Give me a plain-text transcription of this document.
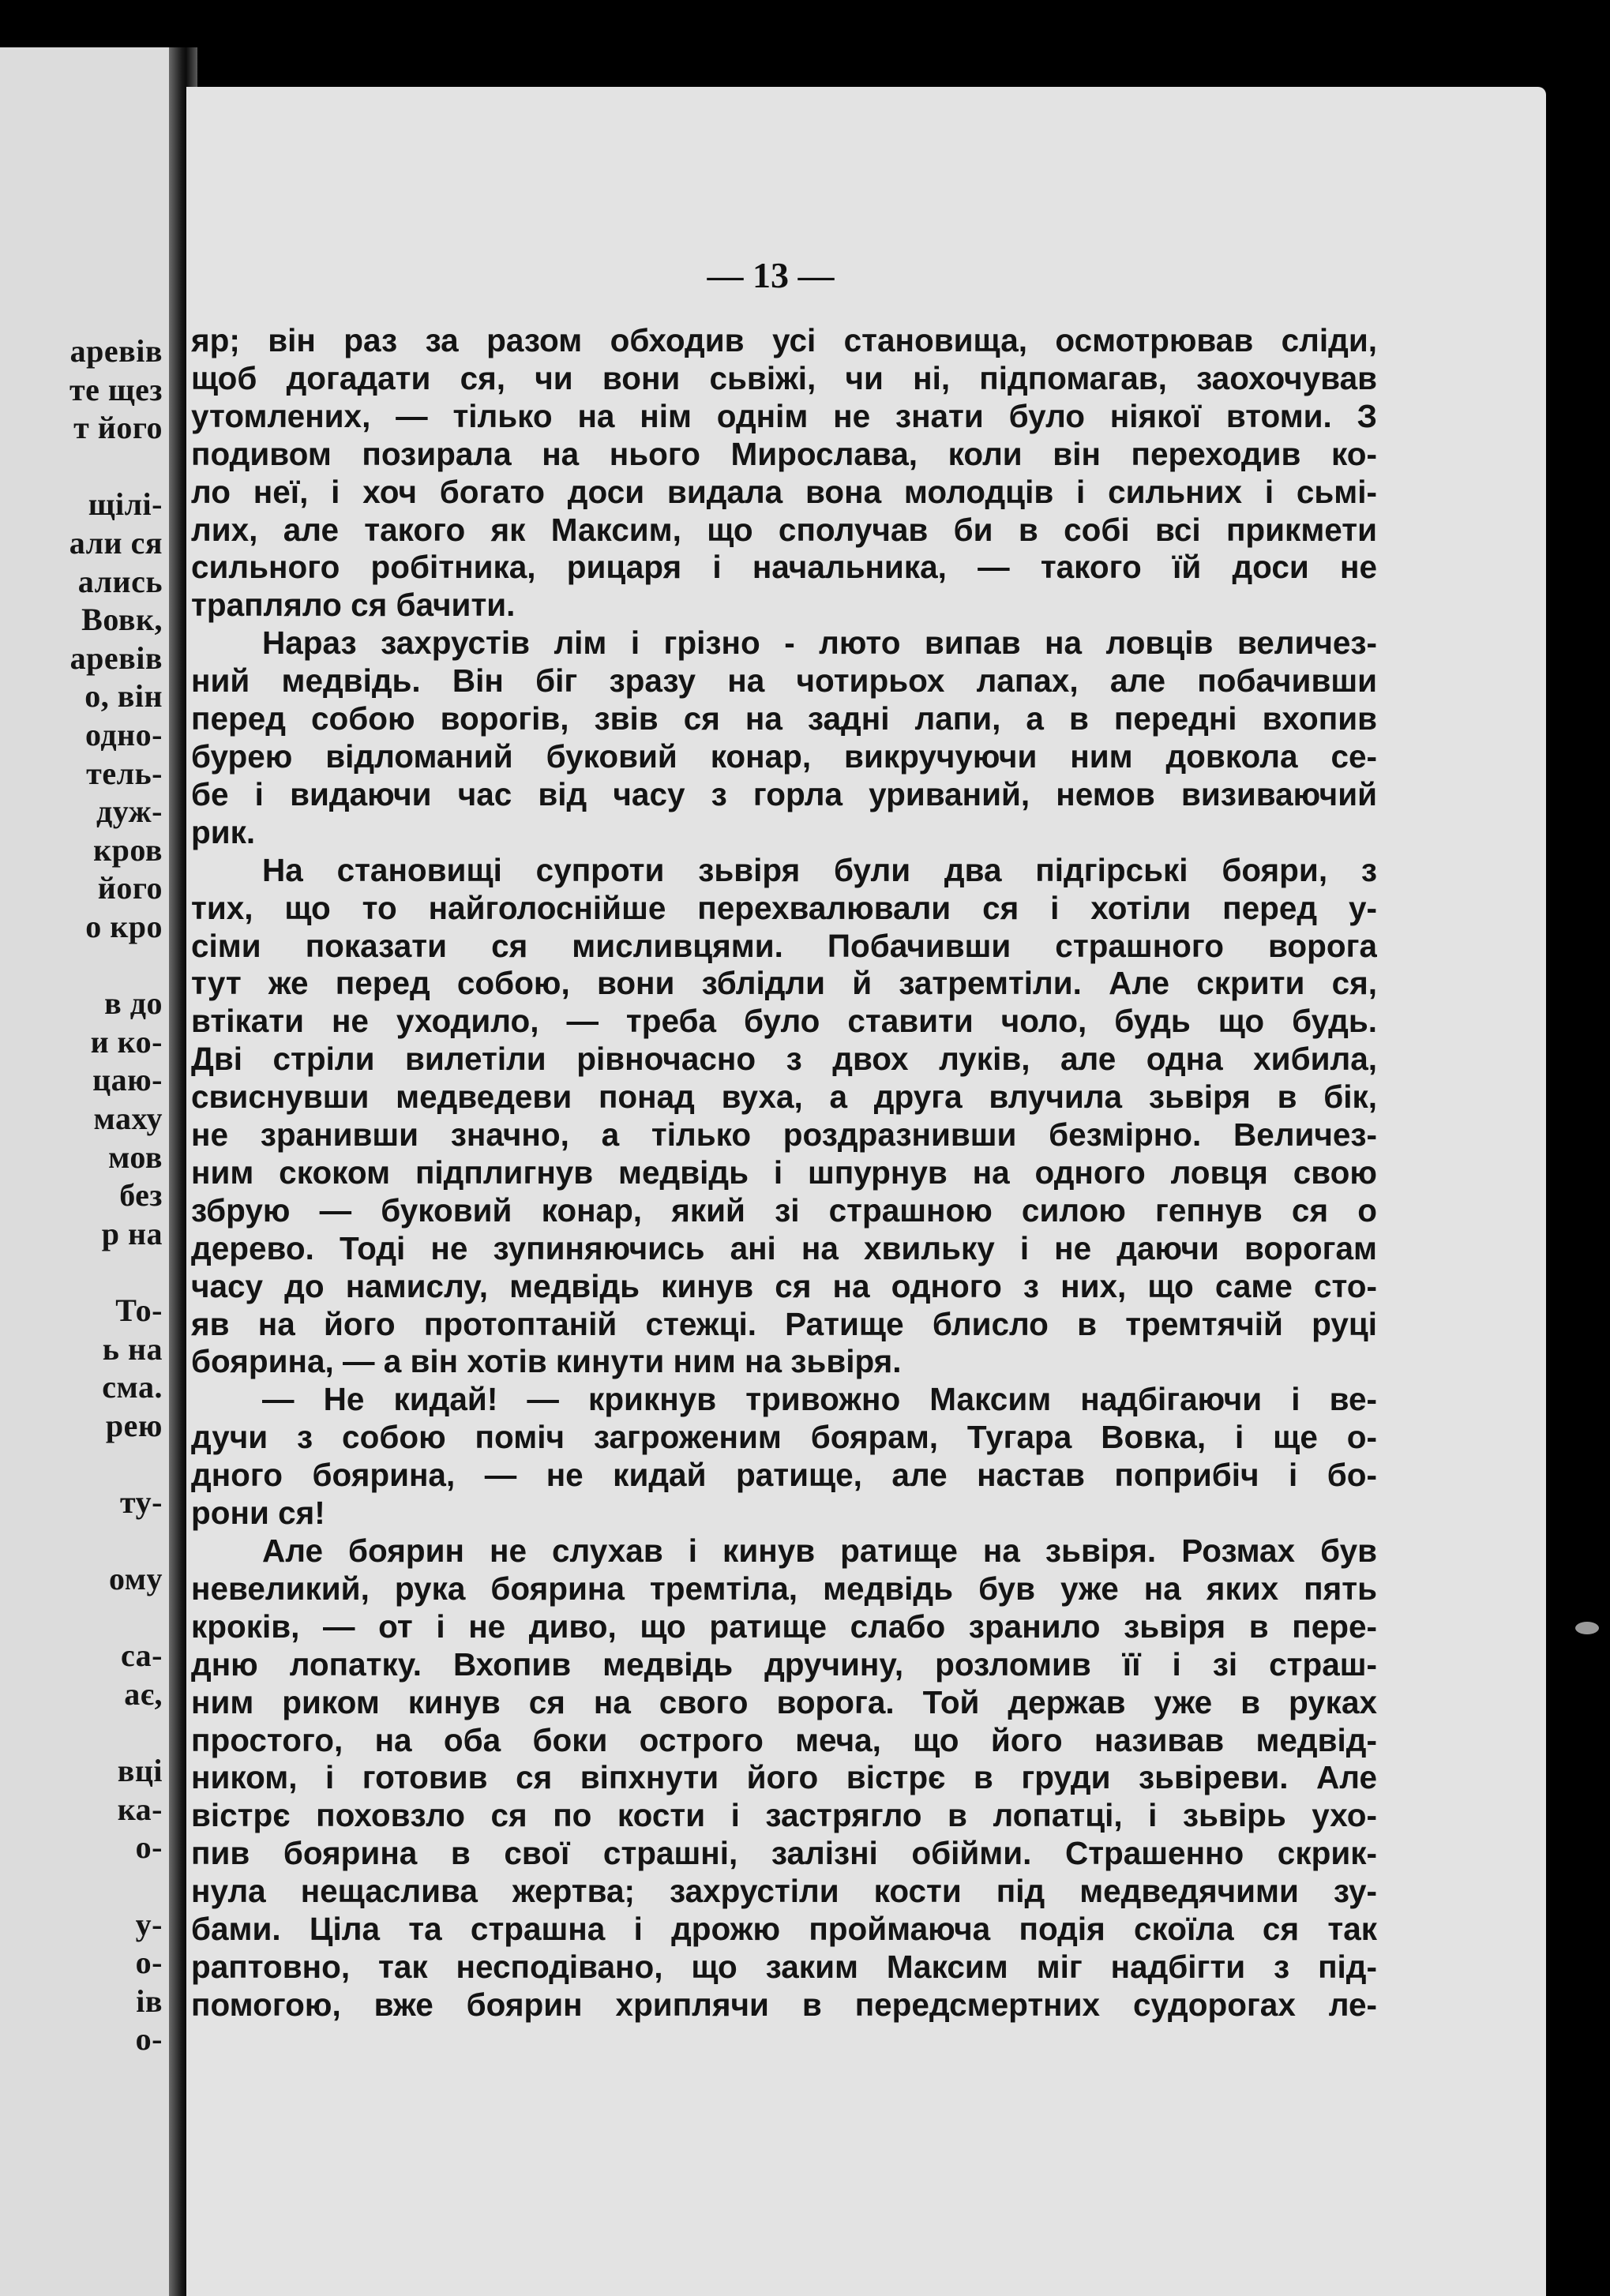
аревів
те щез
т його
щілі-
али ся
ались
Вовк,
аревів
о, він
одно-
тель-
дуж-
кров
його
о кро
в до
и ко-
цаю-
маху
мов
без
р на
То-
ь на
сма.
рею
ту-
ому
са-
ає,
вці
ка-
о-
у-
о-
ів
о-
— 13 —
яр; він раз за разом обходив усі становища, осмотрював сліди,
щоб догадати ся, чи вони сьвіжі, чи ні, підпомагав, заохочував
утомлених, — тілько на нім однім не знати було ніякої втоми. З
подивом позирала на нього Мирослава, коли він переходив ко-
ло неї, і хоч богато доси видала вона молодців і сильних і сьмі-
лих, але такого як Максим, що сполучав би в собі всі прикмети
сильного робітника, рицаря і начальника, — такого їй доси не
трапляло ся бачити.
Нараз захрустів лім і грізно - люто випав на ловців величез-
ний медвідь. Він біг зразу на чотирьох лапах, але побачивши
перед собою ворогів, звів ся на задні лапи, а в передні вхопив
бурею відломаний буковий конар, викручуючи ним довкола се-
бе і видаючи час від часу з горла уриваний, немов визиваючий
рик.
На становищі супроти зьвіря були два підгірські бояри, з
тих, що то найголоснійше перехвалювали ся і хотіли перед у-
сіми показати ся мисливцями. Побачивши страшного ворога
тут же перед собою, вони зблідли й затремтіли. Але скрити ся,
втікати не уходило, — треба було ставити чоло, будь що будь.
Дві стріли вилетіли рівночасно з двох луків, але одна хибила,
свиснувши медведеви понад вуха, а друга влучила зьвіря в бік,
не зранивши значно, а тілько роздразнивши безмірно. Величез-
ним скоком підплигнув медвідь і шпурнув на одного ловця свою
збрую — буковий конар, який зі страшною силою гепнув ся о
дерево. Тоді не зупиняючись ані на хвильку і не даючи ворогам
часу до намислу, медвідь кинув ся на одного з них, що саме сто-
яв на його протоптаній стежці. Ратище блисло в тремтячій руці
боярина, — а він хотів кинути ним на зьвіря.
— Не кидай! — крикнув тривожно Максим надбігаючи і ве-
дучи з собою поміч загроженим боярам, Тугара Вовка, і ще о-
дного боярина, — не кидай ратище, але настав поприбіч і бо-
рони ся!
Але боярин не слухав і кинув ратище на зьвіря. Розмах був
невеликий, рука боярина тремтіла, медвідь був уже на яких пять
кроків, — от і не диво, що ратище слабо зранило зьвіря в пере-
дню лопатку. Вхопив медвідь дручину, розломив її і зі страш-
ним риком кинув ся на свого ворога. Той держав уже в руках
простого, на оба боки острого меча, що його називав медвід-
ником, і готовив ся віпхнути його вістрє в груди зьвіреви. Але
вістрє поховзло ся по кости і застрягло в лопатці, і зьвірь ухо-
пив боярина в свої страшні, залізні обійми. Страшенно скрик-
нула нещаслива жертва; захрустіли кости під медведячими зу-
бами. Ціла та страшна і дрожю проймаюча подія скоїла ся так
раптовно, так несподівано, що заким Максим міг надбігти з під-
помогою, вже боярин хриплячи в передсмертних судорогах ле-
